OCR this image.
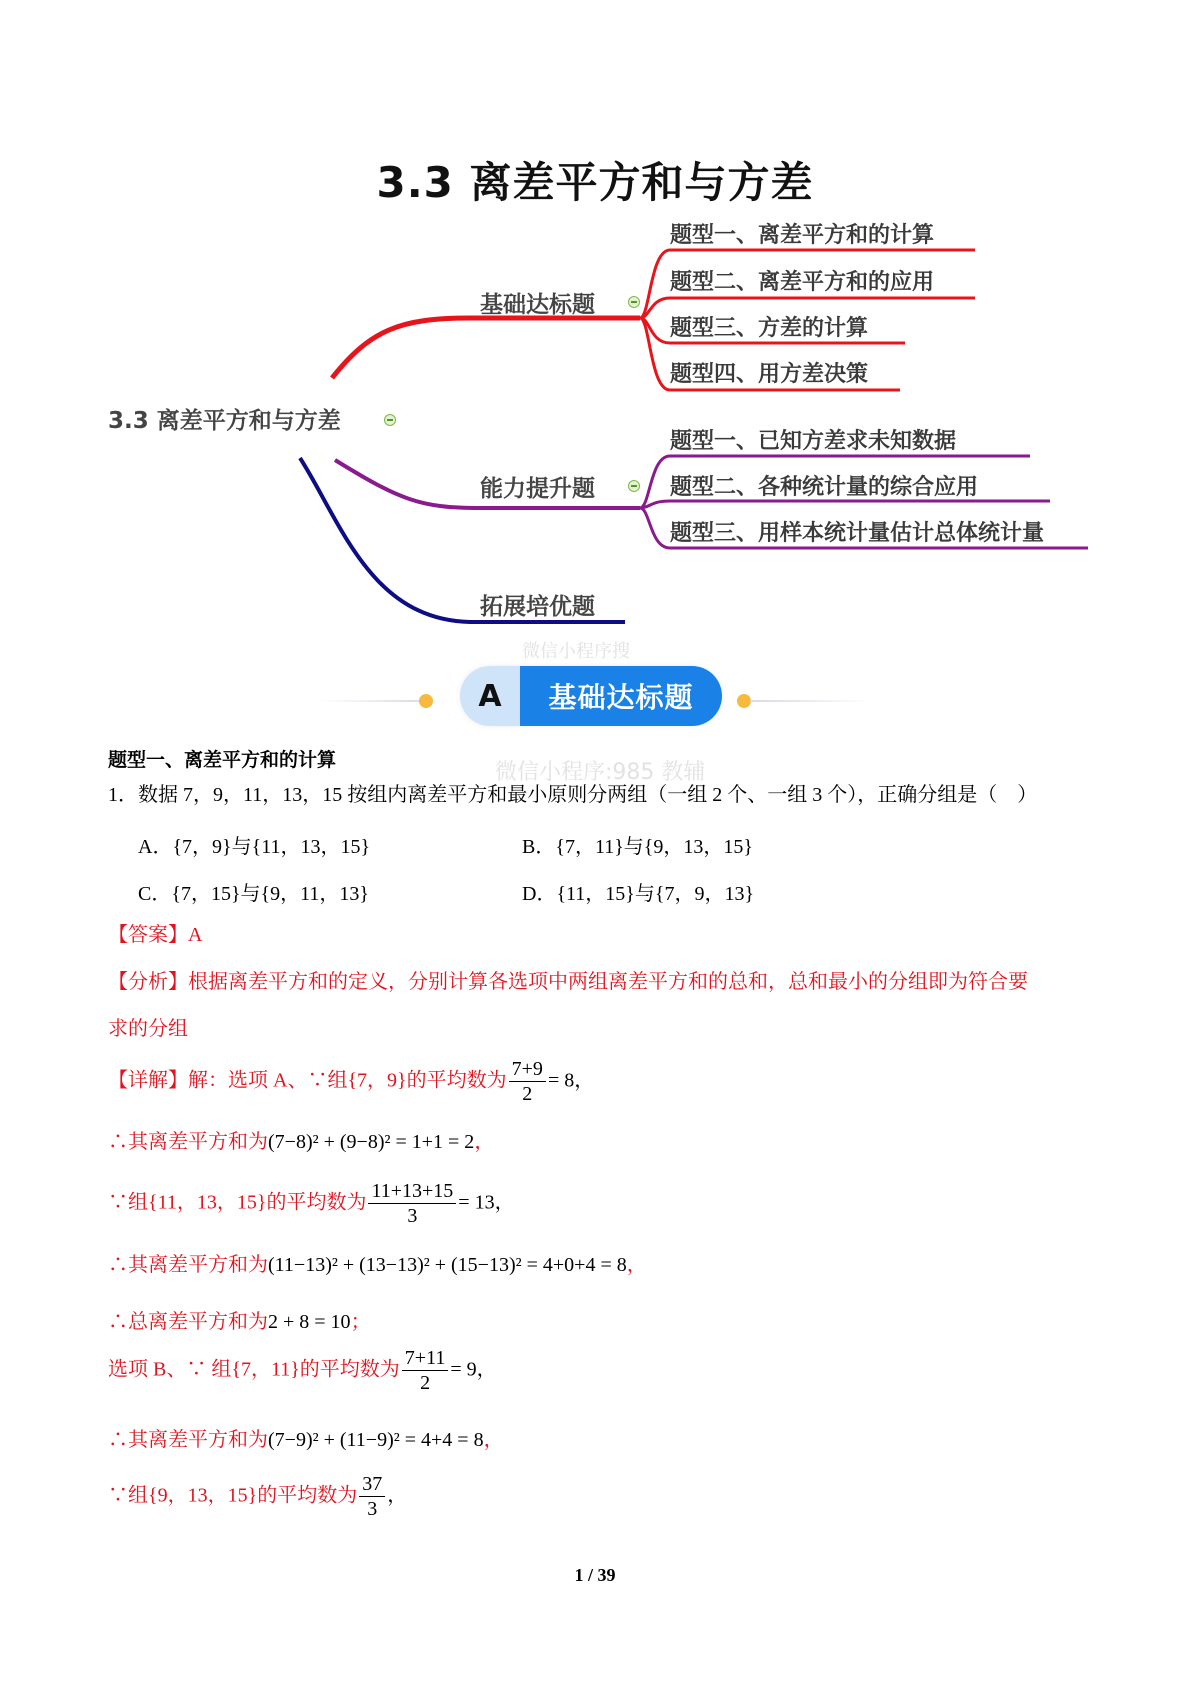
3.3 离差平方和与方差
3.3 离差平方和与方差
基础达标题
题型一、离差平方和的计算
题型二、离差平方和的应用
题型三、方差的计算
题型四、用方差决策
能力提升题
题型一、已知方差求未知数据
题型二、各种统计量的综合应用
题型三、用样本统计量估计总体统计量
拓展培优题
微信小程序搜
A	基础达标题
微信小程序:985 教辅
题型一、离差平方和的计算
1．数据 7，9，11，13，15 按组内离差平方和最小原则分两组（一组 2 个、一组 3 个），正确分组是（　）
A．{7，9}与{11，13，15}	B．{7，11}与{9，13，15}
C．{7，15}与{9，11，13}	D．{11，15}与{7，9，13}
【答案】A
【分析】根据离差平方和的定义，分别计算各选项中两组离差平方和的总和，总和最小的分组即为符合要
求的分组
【详解】解：选项 A、∵组{7，9}的平均数为 $\frac{7+9}{2} = 8$，
∴其离差平方和为(7−8)² + (9−8)² = 1+1 = 2，
∵组{11，13，15}的平均数为 $\frac{11+13+15}{3} = 13$，
∴其离差平方和为(11−13)² + (13−13)² + (15−13)² = 4+0+4 = 8，
∴总离差平方和为2 + 8 = 10；
选项 B、∵ 组{7，11}的平均数为 $\frac{7+11}{2} = 9$，
∴其离差平方和为(7−9)² + (11−9)² = 4+4 = 8，
∵组{9，13，15}的平均数为 $\frac{37}{3}$ ，
1 / 39
